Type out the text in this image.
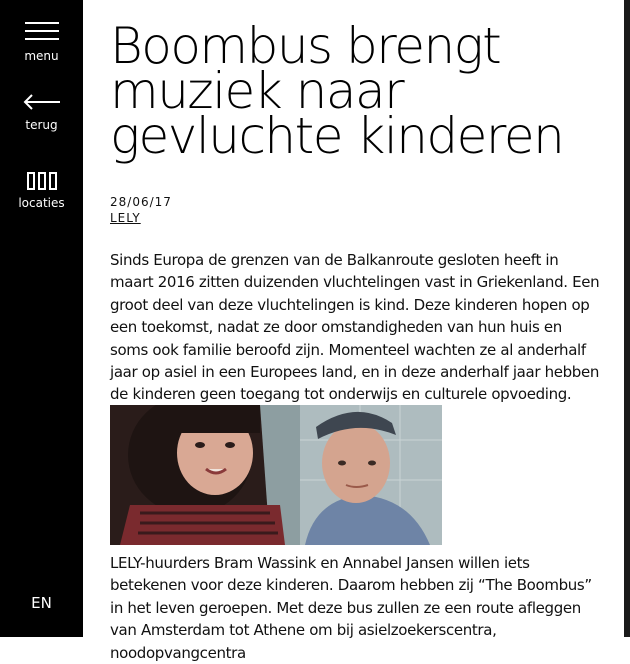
menu
terug
locaties
EN
Boombus brengt muziek naar gevluchte kinderen
28/06/17
LELY

Sinds Europa de grenzen van de Balkanroute gesloten heeft in maart 2016 zitten duizenden vluchtelingen vast in Griekenland. Een groot deel van deze vluchtelingen is kind. Deze kinderen hopen op een toekomst, nadat ze door omstandigheden van hun huis en soms ook familie beroofd zijn. Momenteel wachten ze al anderhalf jaar op asiel in een Europees land, en in deze anderhalf jaar hebben de kinderen geen toegang tot onderwijs en culturele opvoeding.

LELY-huurders Bram Wassink en Annabel Jansen willen iets betekenen voor deze kinderen. Daarom hebben zij “The Boombus” in het leven geroepen. Met deze bus zullen ze een route afleggen van Amsterdam tot Athene om bij asielzoekerscentra, noodopvangcentra
